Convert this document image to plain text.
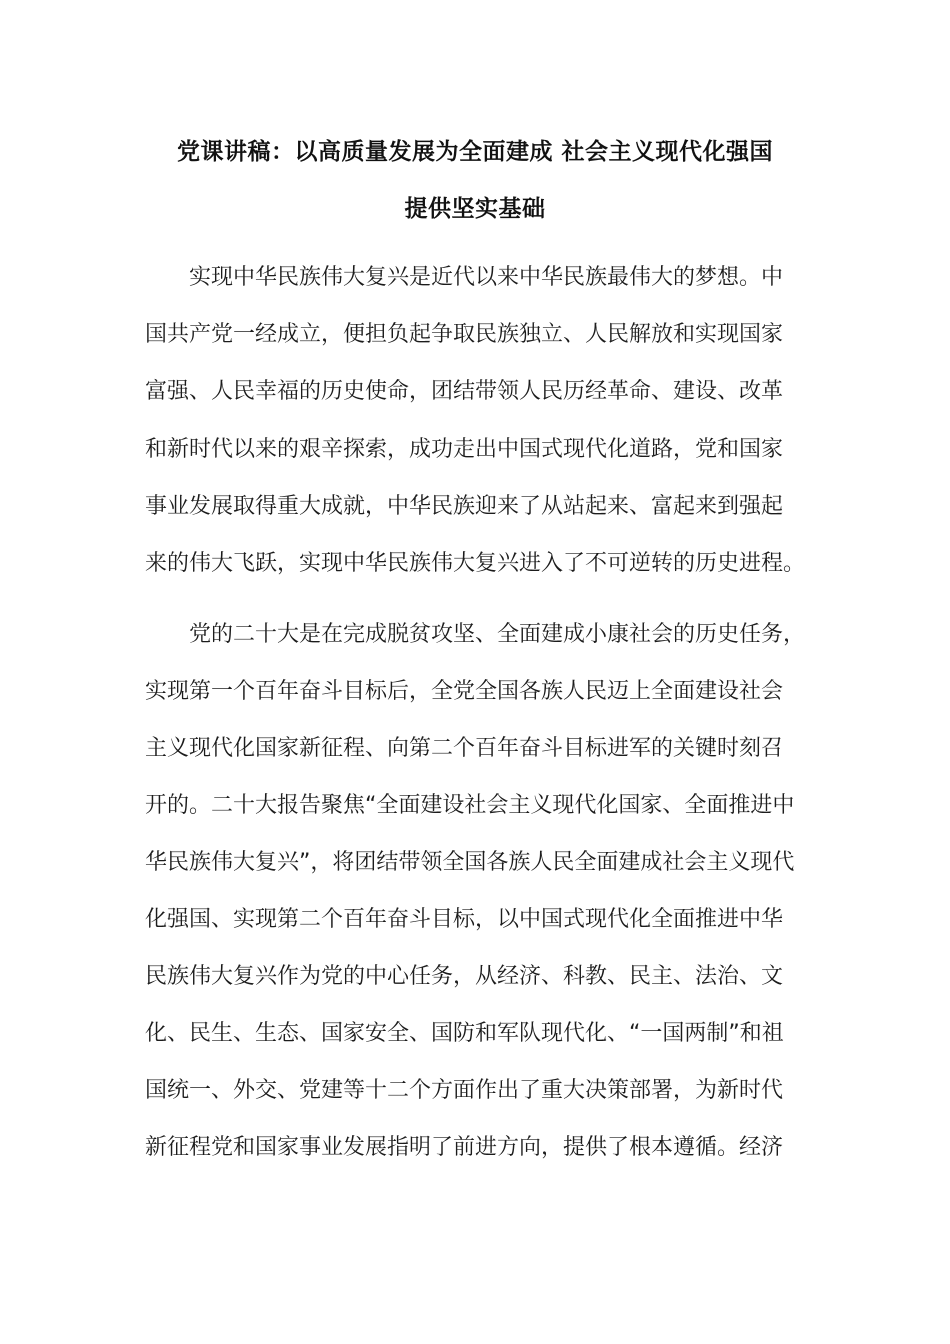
党课讲稿：以高质量发展为全面建成 社会主义现代化强国
提供坚实基础
实现中华民族伟大复兴是近代以来中华民族最伟大的梦想。中
国共产党一经成立，便担负起争取民族独立、人民解放和实现国家
富强、人民幸福的历史使命，团结带领人民历经革命、建设、改革
和新时代以来的艰辛探索，成功走出中国式现代化道路，党和国家
事业发展取得重大成就，中华民族迎来了从站起来、富起来到强起
来的伟大飞跃，实现中华民族伟大复兴进入了不可逆转的历史进程。
党的二十大是在完成脱贫攻坚、全面建成小康社会的历史任务，
实现第一个百年奋斗目标后，全党全国各族人民迈上全面建设社会
主义现代化国家新征程、向第二个百年奋斗目标进军的关键时刻召
开的。二十大报告聚焦“全面建设社会主义现代化国家、全面推进中
华民族伟大复兴”，将团结带领全国各族人民全面建成社会主义现代
化强国、实现第二个百年奋斗目标，以中国式现代化全面推进中华
民族伟大复兴作为党的中心任务，从经济、科教、民主、法治、文
化、民生、生态、国家安全、国防和军队现代化、“一国两制”和祖
国统一、外交、党建等十二个方面作出了重大决策部署，为新时代
新征程党和国家事业发展指明了前进方向，提供了根本遵循。经济
